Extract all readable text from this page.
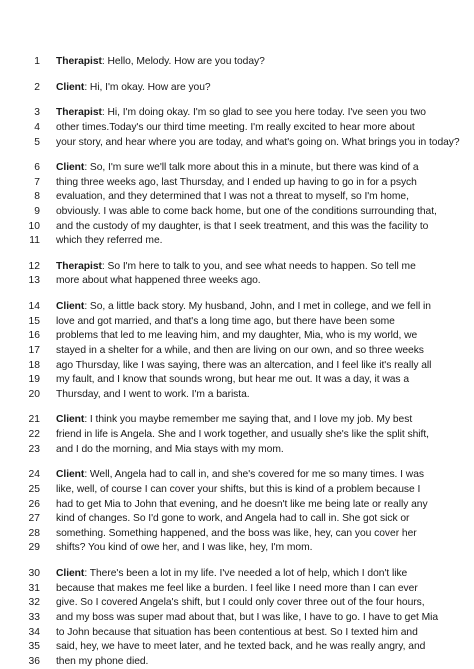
1 Therapist: Hello, Melody. How are you today?
2 Client: Hi, I'm okay. How are you?
3 Therapist: Hi, I'm doing okay. I'm so glad to see you here today. I've seen you two
4 other times.Today's our third time meeting. I'm really excited to hear more about
5 your story, and hear where you are today, and what's going on. What brings you in today?
6 Client: So, I'm sure we'll talk more about this in a minute, but there was kind of a
7 thing three weeks ago, last Thursday, and I ended up having to go in for a psych
8 evaluation, and they determined that I was not a threat to myself, so I'm home,
9 obviously. I was able to come back home, but one of the conditions surrounding that,
10 and the custody of my daughter, is that I seek treatment, and this was the facility to
11 which they referred me.
12 Therapist: So I'm here to talk to you, and see what needs to happen. So tell me
13 more about what happened three weeks ago.
14 Client: So, a little back story. My husband, John, and I met in college, and we fell in
15 love and got married, and that's a long time ago, but there have been some
16 problems that led to me leaving him, and my daughter, Mia, who is my world, we
17 stayed in a shelter for a while, and then are living on our own, and so three weeks
18 ago Thursday, like I was saying, there was an altercation, and I feel like it's really all
19 my fault, and I know that sounds wrong, but hear me out. It was a day, it was a
20 Thursday, and I went to work. I'm a barista.
21 Client: I think you maybe remember me saying that, and I love my job. My best
22 friend in life is Angela. She and I work together, and usually she's like the split shift,
23 and I do the morning, and Mia stays with my mom.
24 Client: Well, Angela had to call in, and she's covered for me so many times. I was
25 like, well, of course I can cover your shifts, but this is kind of a problem because I
26 had to get Mia to John that evening, and he doesn't like me being late or really any
27 kind of changes. So I'd gone to work, and Angela had to call in. She got sick or
28 something. Something happened, and the boss was like, hey, can you cover her
29 shifts? You kind of owe her, and I was like, hey, I'm mom.
30 Client: There's been a lot in my life. I've needed a lot of help, which I don't like
31 because that makes me feel like a burden. I feel like I need more than I can ever
32 give. So I covered Angela's shift, but I could only cover three out of the four hours,
33 and my boss was super mad about that, but I was like, I have to go. I have to get Mia
34 to John because that situation has been contentious at best. So I texted him and
35 said, hey, we have to meet later, and he texted back, and he was really angry, and
36 then my phone died.
